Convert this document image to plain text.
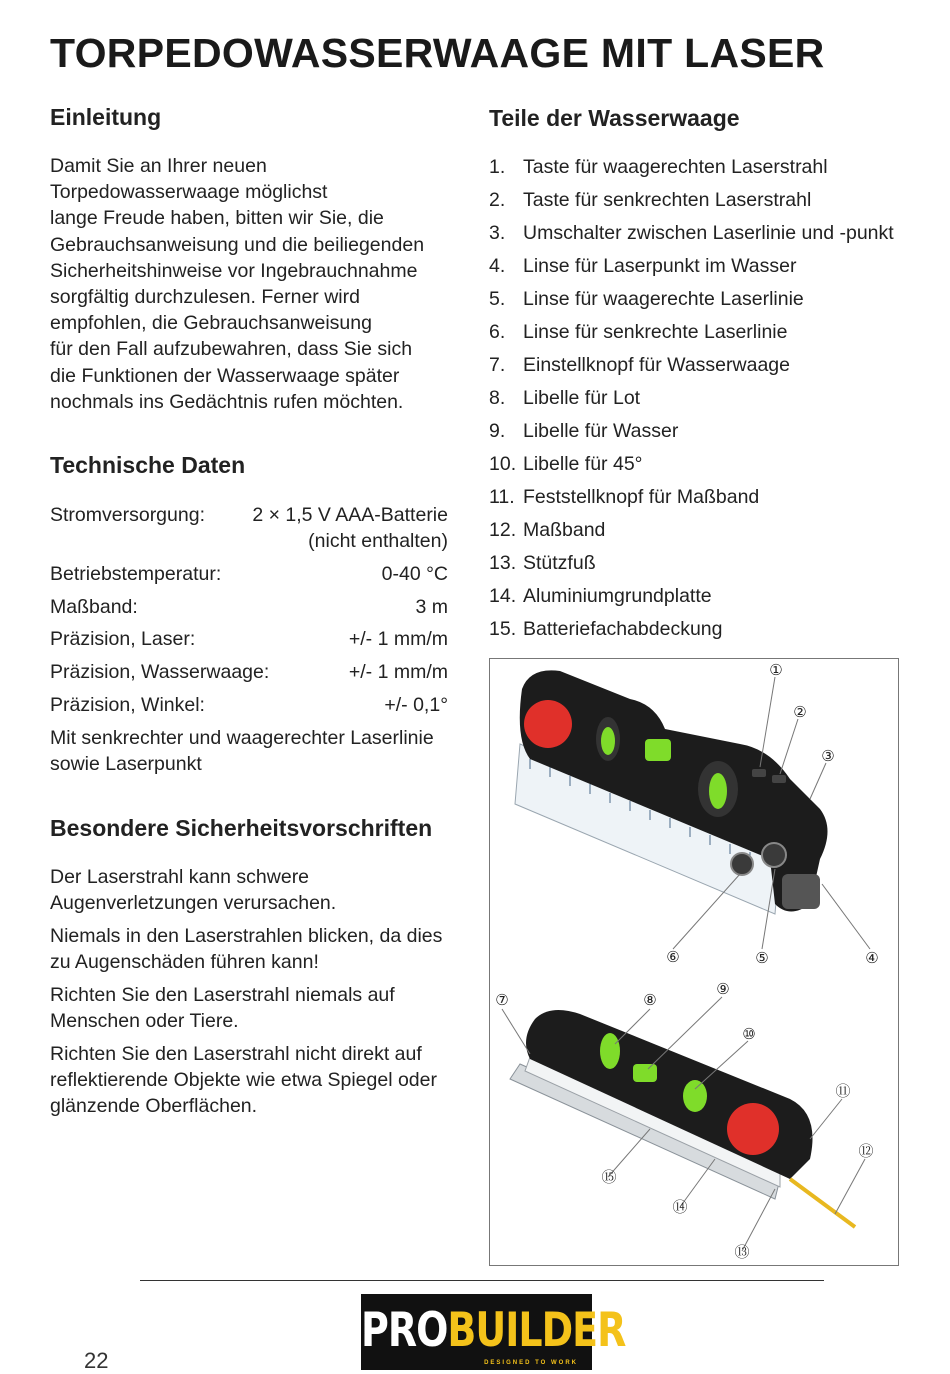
TORPEDOWASSERWAAGE MIT LASER
Einleitung
Damit Sie an Ihrer neuen
Torpedowasserwaage möglichst
lange Freude haben, bitten wir Sie, die
Gebrauchsanweisung und die beiliegenden
Sicherheitshinweise vor Ingebrauchnahme
sorgfältig durchzulesen. Ferner wird
empfohlen, die Gebrauchsanweisung
für den Fall aufzubewahren, dass Sie sich
die Funktionen der Wasserwaage später
nochmals ins Gedächtnis rufen möchten.
Technische Daten
Stromversorgung: 2 × 1,5 V AAA-Batterie
(nicht enthalten)
Betriebstemperatur:	0-40 °C
Maßband:	3 m
Präzision, Laser:	+/- 1 mm/m
Präzision, Wasserwaage:	+/- 1 mm/m
Präzision, Winkel:	+/- 0,1°
Mit senkrechter und waagerechter Laserlinie
sowie Laserpunkt
Besondere Sicherheitsvorschriften
Der Laserstrahl kann schwere
Augenverletzungen verursachen.
Niemals in den Laserstrahlen blicken, da dies
zu Augenschäden führen kann!
Richten Sie den Laserstrahl niemals auf
Menschen oder Tiere.
Richten Sie den Laserstrahl nicht direkt auf
reflektierende Objekte wie etwa Spiegel oder
glänzende Oberflächen.
Teile der Wasserwaage
1. Taste für waagerechten Laserstrahl
2. Taste für senkrechten Laserstrahl
3. Umschalter zwischen Laserlinie und -punkt
4. Linse für Laserpunkt im Wasser
5. Linse für waagerechte Laserlinie
6. Linse für senkrechte Laserlinie
7. Einstellknopf für Wasserwaage
8. Libelle für Lot
9. Libelle für Wasser
10. Libelle für 45°
11. Feststellknopf für Maßband
12. Maßband
13. Stützfuß
14. Aluminiumgrundplatte
15. Batteriefachabdeckung
①
②
③
④
⑤
⑥
⑦	⑧
⑨
⑩
⑪
⑫
⑬
⑭
⑮
PROBUILDER
DESIGNED TO WORK
22
